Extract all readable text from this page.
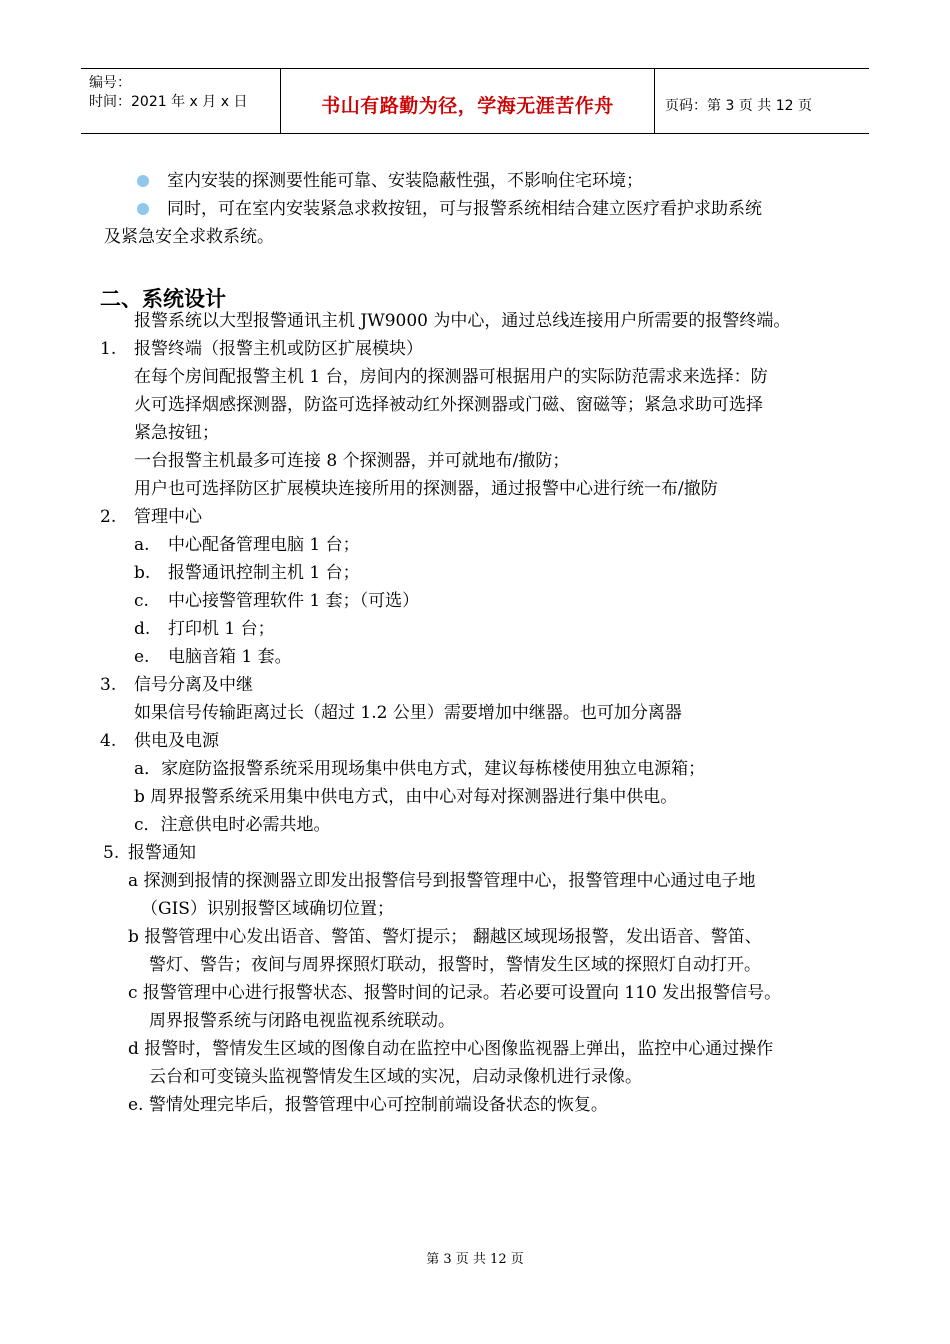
编号：
时间：2021 年 x 月 x 日	书山有路勤为径，学海无涯苦作舟	页码：第 3 页 共 12 页
室内安装的探测要性能可靠、安装隐蔽性强，不影响住宅环境；
同时，可在室内安装紧急求救按钮，可与报警系统相结合建立医疗看护求助系统
及紧急安全求救系统。
二、系统设计
报警系统以大型报警通讯主机 JW9000 为中心，通过总线连接用户所需要的报警终端。
1. 报警终端（报警主机或防区扩展模块）
在每个房间配报警主机 1 台，房间内的探测器可根据用户的实际防范需求来选择：防
火可选择烟感探测器，防盗可选择被动红外探测器或门磁、窗磁等；紧急求助可选择
紧急按钮；
一台报警主机最多可连接 8 个探测器，并可就地布/撤防；
用户也可选择防区扩展模块连接所用的探测器，通过报警中心进行统一布/撤防
2. 管理中心
a. 中心配备管理电脑 1 台；
b. 报警通讯控制主机 1 台；
c. 中心接警管理软件 1 套；（可选）
d. 打印机 1 台；
e. 电脑音箱 1 套。
3. 信号分离及中继
如果信号传输距离过长（超过 1.2 公里）需要增加中继器。也可加分离器
4. 供电及电源
a．家庭防盗报警系统采用现场集中供电方式，建议每栋楼使用独立电源箱；
b 周界报警系统采用集中供电方式，由中心对每对探测器进行集中供电。
c．注意供电时必需共地。
5. 报警通知
a 探测到报情的探测器立即发出报警信号到报警管理中心，报警管理中心通过电子地
（GIS）识别报警区域确切位置；
b 报警管理中心发出语音、警笛、警灯提示； 翻越区域现场报警，发出语音、警笛、
警灯、警告；夜间与周界探照灯联动，报警时，警情发生区域的探照灯自动打开。
c 报警管理中心进行报警状态、报警时间的记录。若必要可设置向 110 发出报警信号。
周界报警系统与闭路电视监视系统联动。
d 报警时，警情发生区域的图像自动在监控中心图像监视器上弹出，监控中心通过操作
云台和可变镜头监视警情发生区域的实况，启动录像机进行录像。
e. 警情处理完毕后，报警管理中心可控制前端设备状态的恢复。
第 3 页 共 12 页
